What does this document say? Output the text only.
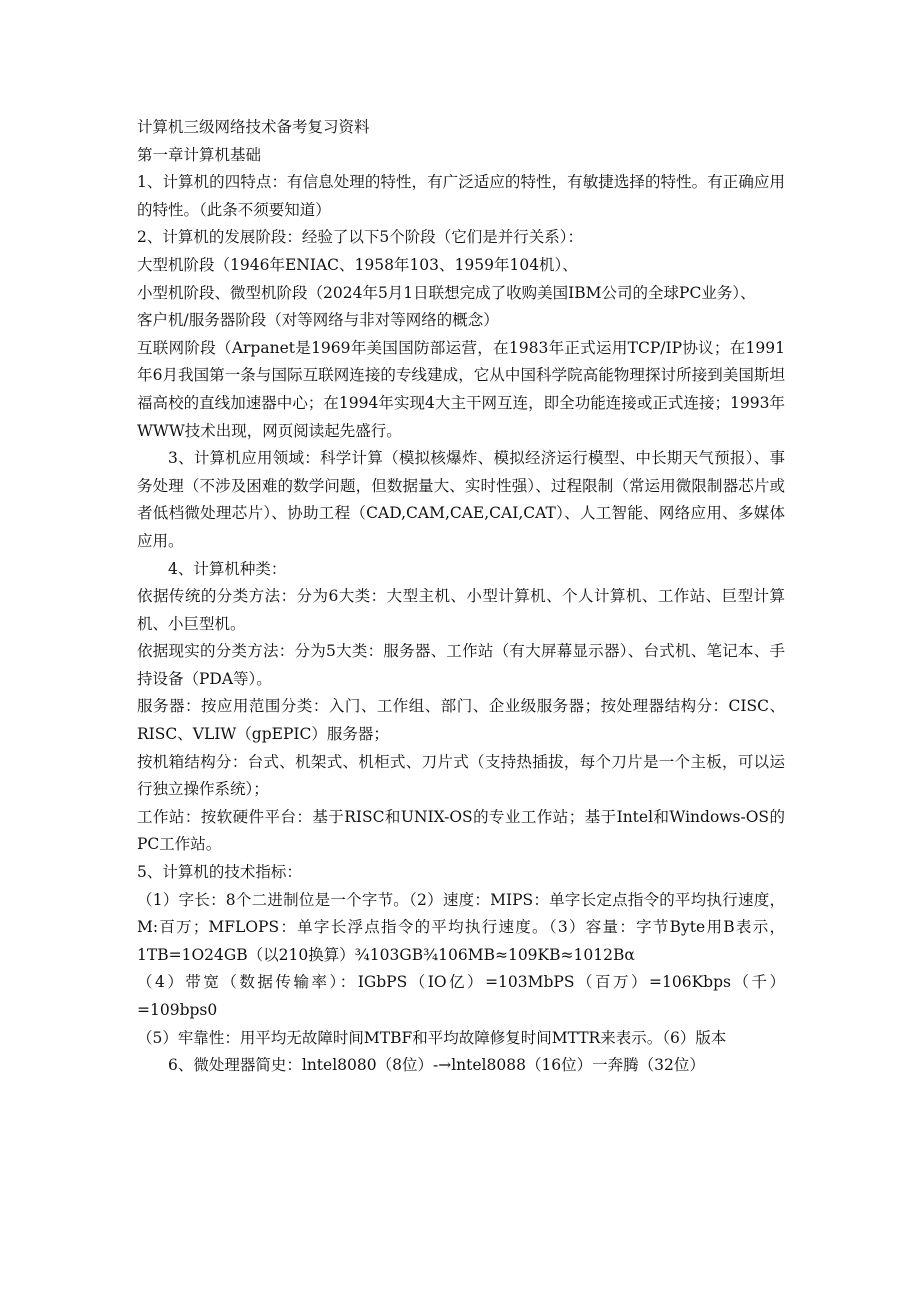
计算机三级网络技术备考复习资料

第一章计算机基础

1、计算机的四特点：有信息处理的特性，有广泛适应的特性，有敏捷选择的特性。有正确应用的特性。（此条不须要知道）

2、计算机的发展阶段：经验了以下5个阶段（它们是并行关系）：

大型机阶段（1946年ENIAC、1958年103、1959年104机）、

小型机阶段、微型机阶段（2024年5月1日联想完成了收购美国IBM公司的全球PC业务）、

客户机/服务器阶段（对等网络与非对等网络的概念）

互联网阶段（Arpanet是1969年美国国防部运营，在1983年正式运用TCP/IP协议；在1991年6月我国第一条与国际互联网连接的专线建成，它从中国科学院高能物理探讨所接到美国斯坦福高校的直线加速器中心；在1994年实现4大主干网互连，即全功能连接或正式连接；1993年WWW技术出现，网页阅读起先盛行。

3、计算机应用领域：科学计算（模拟核爆炸、模拟经济运行模型、中长期天气预报）、事务处理（不涉及困难的数学问题，但数据量大、实时性强）、过程限制（常运用微限制器芯片或者低档微处理芯片）、协助工程（CAD,CAM,CAE,CAI,CAT）、人工智能、网络应用、多媒体应用。

4、计算机种类：

依据传统的分类方法：分为6大类：大型主机、小型计算机、个人计算机、工作站、巨型计算机、小巨型机。

依据现实的分类方法：分为5大类：服务器、工作站（有大屏幕显示器）、台式机、笔记本、手持设备（PDA等）。

服务器：按应用范围分类：入门、工作组、部门、企业级服务器；按处理器结构分：CISC、RISC、VLIW（gpEPIC）服务器；

按机箱结构分：台式、机架式、机柜式、刀片式（支持热插拔，每个刀片是一个主板，可以运行独立操作系统）；

工作站：按软硬件平台：基于RISC和UNIX-OS的专业工作站；基于Intel和Windows-OS的PC工作站。

5、计算机的技术指标：

（1）字长：8个二进制位是一个字节。（2）速度：MIPS：单字长定点指令的平均执行速度，M:百万；MFLOPS：单字长浮点指令的平均执行速度。（3）容量：字节Byte用B表示，1TB=1O24GB（以210换算）¾103GB¾106MB≈109KB≈1012Bα

（4）带宽（数据传输率）：IGbPS（IO亿）=103MbPS（百万）=106Kbps（千）=109bps0

（5）牢靠性：用平均无故障时间MTBF和平均故障修复时间MTTR来表示。（6）版本

6、微处理器简史：lntel8080（8位）-→lntel8088（16位）一奔腾（32位）
